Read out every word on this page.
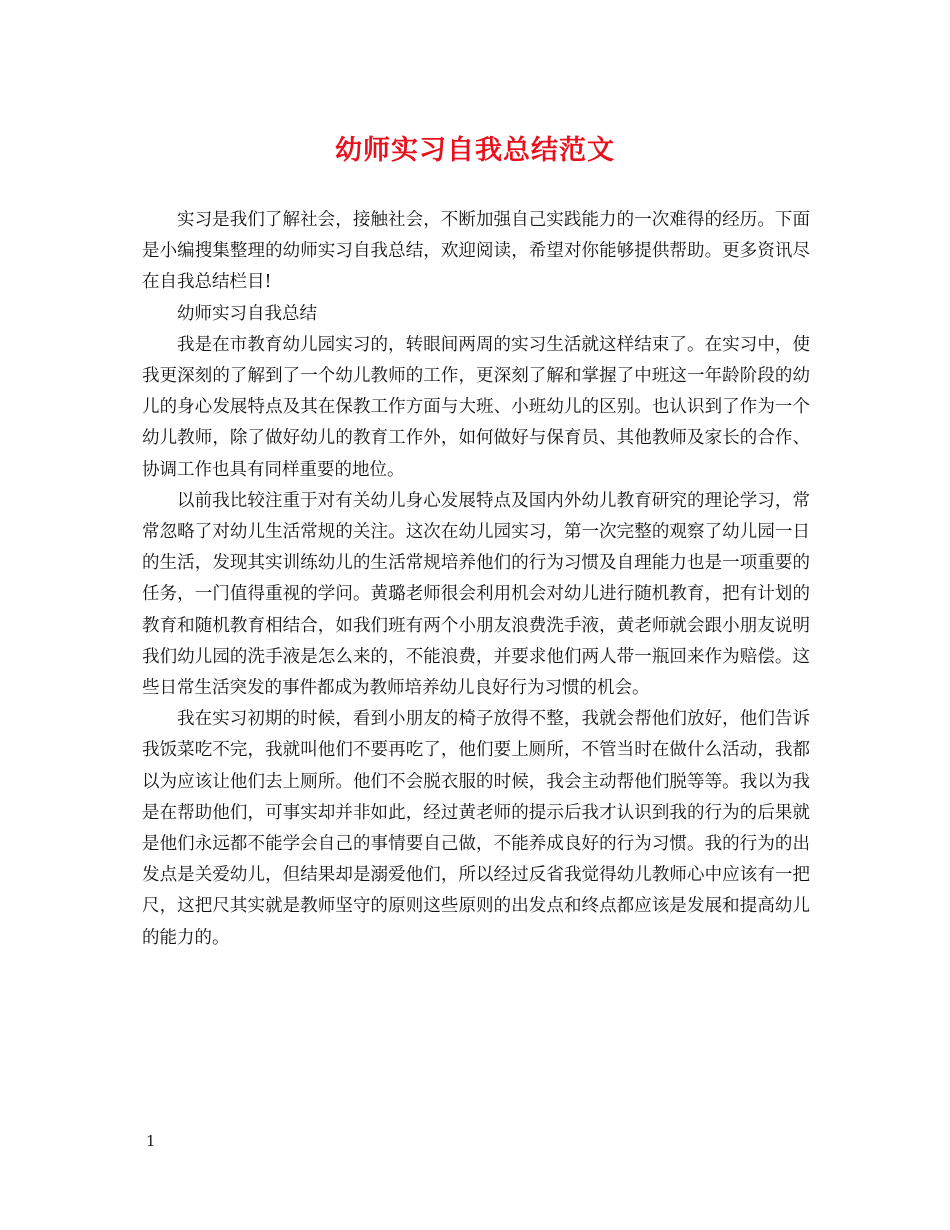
幼师实习自我总结范文

实习是我们了解社会，接触社会，不断加强自己实践能力的一次难得的经历。下面是小编搜集整理的幼师实习自我总结，欢迎阅读，希望对你能够提供帮助。更多资讯尽在自我总结栏目!

幼师实习自我总结

我是在市教育幼儿园实习的，转眼间两周的实习生活就这样结束了。在实习中，使我更深刻的了解到了一个幼儿教师的工作，更深刻了解和掌握了中班这一年龄阶段的幼儿的身心发展特点及其在保教工作方面与大班、小班幼儿的区别。也认识到了作为一个幼儿教师，除了做好幼儿的教育工作外，如何做好与保育员、其他教师及家长的合作、协调工作也具有同样重要的地位。

以前我比较注重于对有关幼儿身心发展特点及国内外幼儿教育研究的理论学习，常常忽略了对幼儿生活常规的关注。这次在幼儿园实习，第一次完整的观察了幼儿园一日的生活，发现其实训练幼儿的生活常规培养他们的行为习惯及自理能力也是一项重要的任务，一门值得重视的学问。黄璐老师很会利用机会对幼儿进行随机教育，把有计划的教育和随机教育相结合，如我们班有两个小朋友浪费洗手液，黄老师就会跟小朋友说明我们幼儿园的洗手液是怎么来的，不能浪费，并要求他们两人带一瓶回来作为赔偿。这些日常生活突发的事件都成为教师培养幼儿良好行为习惯的机会。

我在实习初期的时候，看到小朋友的椅子放得不整，我就会帮他们放好，他们告诉我饭菜吃不完，我就叫他们不要再吃了，他们要上厕所，不管当时在做什么活动，我都以为应该让他们去上厕所。他们不会脱衣服的时候，我会主动帮他们脱等等。我以为我是在帮助他们，可事实却并非如此，经过黄老师的提示后我才认识到我的行为的后果就是他们永远都不能学会自己的事情要自己做，不能养成良好的行为习惯。我的行为的出发点是关爱幼儿，但结果却是溺爱他们，所以经过反省我觉得幼儿教师心中应该有一把尺，这把尺其实就是教师坚守的原则这些原则的出发点和终点都应该是发展和提高幼儿的能力的。

1
